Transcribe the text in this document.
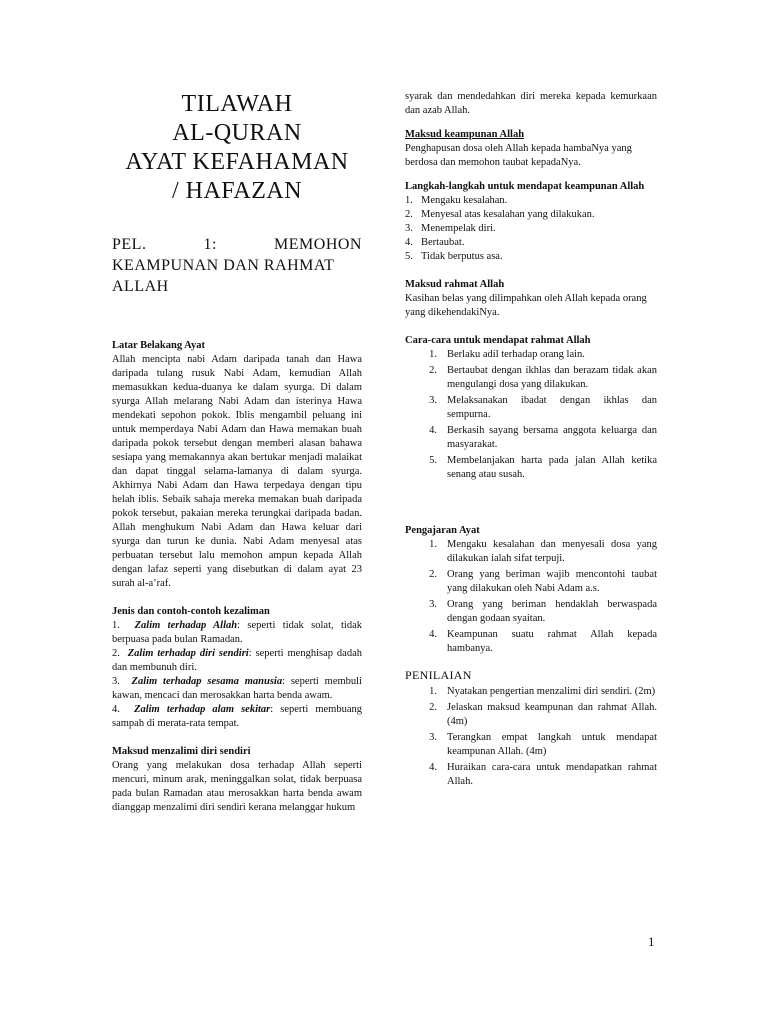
TILAWAH
AL-QURAN
AYAT KEFAHAMAN
/ HAFAZAN
PEL.	1:	MEMOHON
KEAMPUNAN DAN RAHMAT
ALLAH

Latar Belakang Ayat

Allah mencipta nabi Adam daripada tanah dan Hawa daripada tulang rusuk Nabi Adam, kemudian Allah memasukkan kedua-duanya ke dalam syurga. Di dalam syurga Allah melarang Nabi Adam dan isterinya Hawa mendekati sepohon pokok. Iblis mengambil peluang ini untuk memperdaya Nabi Adam dan Hawa memakan buah daripada pokok tersebut dengan memberi alasan bahawa sesiapa yang memakannya akan bertukar menjadi malaikat dan dapat tinggal selama-lamanya di dalam syurga. Akhirnya Nabi Adam dan Hawa terpedaya dengan tipu helah iblis. Sebaik sahaja mereka memakan buah daripada pokok tersebut, pakaian mereka terungkai daripada badan. Allah menghukum Nabi Adam dan Hawa keluar dari syurga dan turun ke dunia. Nabi Adam menyesal atas perbuatan tersebut lalu memohon ampun kepada Allah dengan lafaz seperti yang disebutkan di dalam ayat 23 surah al-a’raf.

Jenis dan contoh-contoh kezaliman

1. Zalim terhadap Allah: seperti tidak solat, tidak berpuasa pada bulan Ramadan.
2. Zalim terhadap diri sendiri: seperti menghisap dadah dan membunuh diri.
3. Zalim terhadap sesama manusia: seperti membuli kawan, mencaci dan merosakkan harta benda awam.
4. Zalim terhadap alam sekitar: seperti membuang sampah di merata-rata tempat.

Maksud menzalimi diri sendiri

Orang yang melakukan dosa terhadap Allah seperti mencuri, minum arak, meninggalkan solat, tidak berpuasa pada bulan Ramadan atau merosakkan harta benda awam dianggap menzalimi diri sendiri kerana melanggar hukum

syarak dan mendedahkan diri mereka kepada kemurkaan dan azab Allah.

Maksud keampunan Allah

Penghapusan dosa oleh Allah kepada hambaNya yang berdosa dan memohon taubat kepadaNya.

Langkah-langkah untuk mendapat keampunan Allah

1. Mengaku kesalahan.
2. Menyesal atas kesalahan yang dilakukan.
3. Menempelak diri.
4. Bertaubat.
5. Tidak berputus asa.

Maksud rahmat Allah

Kasihan belas yang dilimpahkan oleh Allah kepada orang yang dikehendakiNya.

Cara-cara untuk mendapat rahmat Allah

1. Berlaku adil terhadap orang lain.
2. Bertaubat dengan ikhlas dan berazam tidak akan mengulangi dosa yang dilakukan.
3. Melaksanakan ibadat dengan ikhlas dan sempurna.
4. Berkasih sayang bersama anggota keluarga dan masyarakat.
5. Membelanjakan harta pada jalan Allah ketika senang atau susah.

Pengajaran Ayat

1. Mengaku kesalahan dan menyesali dosa yang dilakukan ialah sifat terpuji.
2. Orang yang beriman wajib mencontohi taubat yang dilakukan oleh Nabi Adam a.s.
3. Orang yang beriman hendaklah berwaspada dengan godaan syaitan.
4. Keampunan suatu rahmat Allah kepada hambanya.

PENILAIAN

1. Nyatakan pengertian menzalimi diri sendiri. (2m)
2. Jelaskan maksud keampunan dan rahmat Allah. (4m)
3. Terangkan empat langkah untuk mendapat keampunan Allah. (4m)
4. Huraikan cara-cara untuk mendapatkan rahmat Allah.
1
